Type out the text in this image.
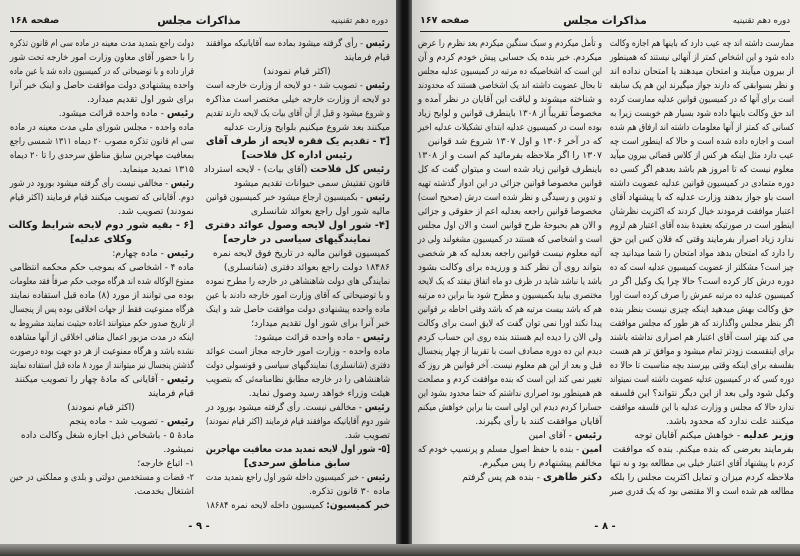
دوره دهم تقنینیه
مذاکرات مجلس
صفحه ۱۶۸
رئیس - رأی گرفته میشود بماده سه آقایانیکه موافقند
قیام فرمایند
(اکثر قیام نمودند)
رئیس - تصویب شد - دو لایحه از وزارت خارجه است
دو لایحه از وزارت خارجه خیلی مختصر است مذاکره
و شروع میشود و قبل از آن آقای بیات یک لایحه دارند تقدیم
میکنند بعد شروع میکنیم بلوایح وزارت عدلیه
[۳ - تقدیم یک فقره لایحه از طرف آقای
رئیس اداره کل فلاحت]
رئیس کل فلاحت (آقای بیات) - لایحه استرداد
قانون تفتیش سمی حیوانات تقدیم میشود
رئیس - بکمیسیون ارجاع میشود خبر کمیسیون قوانین
مالیه شور اول راجع بعوائد شانسلری
[۴- شور اول لایحه وصول عوائد دفتری
نمایندگیهای سیاسی در خارجه]
کمیسیون قوانین مالیه در تاریخ فوق لایحه نمره
۱۸۴۸۶ دولت راجع بعوائد دفتری (شانسلری)
نمایندگی های دولت شاهنشاهی در خارجه را مطرح نموده
و با توضیحاتی که آقای وزارت امور خارجه دادند با عین
ماده واحده پیشنهادی دولت موافقت حاصل شد و اینک
خبر آنرا برای شور اول تقدیم میدارد؛
رئیس - ماده واحده قرائت میشود:
ماده واحده - وزارت امور خارجه مجاز است عوائد
دفتری (شانسلری) نمایندگیهای سیاسی و قونسولی دولت
شاهنشاهی را در خارجه مطابق نظامنامه‌ئی که بتصویب
هیئت وزراء خواهد رسید وصول نماید.
رئیس - مخالفی نیست. رأی گرفته میشود بورود در
شور دوم آقایانیکه موافقند قیام فرمایند (اکثر قیام نمودند)
تصویب شد.
[۵- شور اول لایحه تمدید مدت معافیت مهاجرین
سابق مناطق سرحدی]
رئیس - خبر کمیسیون داخله شور اول راجع بتمدید مدت
ماده ۳۰ قانون تذکره.
خبر کمیسیون: کمیسیون داخله لایحه نمره ۱۸۶۸۴
دولت راجع بتمدید مدت معینه در ماده سی ام قانون تذکره
را با حضور آقای معاون وزارت امور خارجه تحت شور
قرار داده و با توضیحاتی که در کمیسیون داده شد با عین ماده
واحده پیشنهادی دولت موافقت حاصل و اینک خبر آنرا
برای شور اول تقدیم میدارد.
رئیس - ماده واحده قرائت میشود.
ماده واحده - مجلس شورای ملی مدت معینه در ماده
سی ام قانون تذکره مصوب ۲۰ دیماه ۱۳۱۱ شمسی راجع
بمعافیت مهاجرین سابق مناطق سرحدی را تا ۲۰ دیماه
۱۳۱۵ تمدید مینماید.
رئیس - مخالفی نیست رأی گرفته میشود بورود در شور
دوم. آقایانی که تصویب میکنند قیام فرمایند (اکثر قیام
نمودند) تصویب شد.
[۶ - بقیه شور دوم لایحه شرایط وکالت
وکلای عدلیه]
رئیس - ماده چهارم:
ماده ۴ - اشخاصی که بموجب حکم محکمه انتظامی
ممنوع الوکاله شده اند هرگاه موجب حکم صرفاً فقد معلومات
بوده می توانند از مورد (۸) ماده قبل استفاده نمایند
هرگاه ممنوعیت فقط از جهات اخلاقی بوده پس از پنجسال
از تاریخ صدور حکم میتوانند اعاده حیثیت نمایند مشروط به
اینکه در مدت مزبور اعمال منافی اخلاقی از آنها مشاهده
نشده باشد و هرگاه ممنوعیت از هر دو جهت بوده درصورت
گذشتن پنجسال نیز میتوانند از مورد ۸ ماده قبل استفاده نمایند
رئیس - آقایانی که مادهٔ چهار را تصویب میکنند
قیام فرمایند
(اکثر قیام نمودند)
رئیس - تصویب شد - ماده پنجم
مادهٔ ۵ - باشخاص ذیل اجازه شغل وکالت داده
نمیشود.
۱- اتباع خارجه؛
۲- قضات و مستخدمین دولتی و بلدی و مملکتی در حین
اشتغال بخدمت.
- ۹ -
دوره دهم تقنینیه
مذاکرات مجلس
صفحه ۱۶۷
ممارست داشته اند چه عیب دارد که باینها هم اجازه وکالت
داده شود و این اشخاص کمتر از آنهائی نیستند که همینطور
از بیرون میآیند و امتحان میدهند یا امتحان نداده اند
و نظر بسوابقی که دارند جواز میگیرند این هم یک سابقه
است برای آنها که در کمیسیون قوانین عدلیه ممارست کرده
اند حق وکالت باینها داده شود بسیار هم خوبست زیرا به
کسانی که کمتر از آنها معلومات داشته اند ارفاق هم شده
است و اجازه داده شده است و حالا که اینطور است چه
عیب دارد مثل اینکه هر کس از کلاس قضائی بیرون میآید
معلوم نیست که تا امروز هم باشد بعدهم اگر کسی ده
دوره متمادی در کمیسیون قوانین عدلیه عضویت داشته
است باو جواز بدهند وزارت عدلیه که با پیشنهاد آقای
اعتبار موافقت فرمودند خیال کردند که اکثریت نظرشان
اینطور است در صورتیکه بعقیدهٔ بنده آقای اعتبار هم لزوم
ندارد زیاد اصرار بفرمایند وقتی که فلان کس این حق
را دارد که امتحان بدهد مواد امتحان را شما میدانید چه
چیز است؟ مشکلتر از عضویت کمیسیون عدلیه است که ده
دوره درش کار کرده است؟ حالا چرا یک وکیل اگر در
کمیسیون عدلیه ده مرتبه عمرش را صرف کرده است اورا
حق وکالت بهش میدهید اینکه چیزی نیست بنظر بنده
اگر بنظر مجلس واگذارند که هر طور که مجلس موافقت
می کند بهتر است آقای اعتبار هم اصراری نداشته باشند
برای اینقسمت زودتر تمام میشود و موافق تر هم هست
بفلسفه برای اینکه وقتی بپرسند بچه مناسبت تا حالا ده
دوره کسی که در کمیسیون عدلیه عضویت داشته است نمیتواند
وکیل شود ولی بعد از این دیگر نتواند؟ این فلسفه
ندارد حالا که مجلس و وزارت عدلیه با این فلسفه موافقت
میکنند علت ندارد که محدود باشد.
وزیر عدلیه - خواهش میکنم آقایان توجه
بفرمایند بعرضی که بنده میکنم. بنده که موافقت
کردم با پیشنهاد آقای اعتبار خیلی بی مطالعه بود و نه تنها
ملاحظه کردم میزان و تمایل اکثریت مجلس را بلکه
مطالعه هم شده است و الا مقتضی بود که یک قدری صبر
و تأمل میکردم و سبک سنگین میکردم بعد نظرم را عرض
میکردم. خیر بنده یک حسابی پیش خودم کردم و آن
این است که اشخاصیکه ده مرتبه در کمیسیون عدلیه مجلس
تا بحال عضویت داشته اند یک اشخاصی هستند که محدودند
و شناخته میشوند و لیاقت این آقایان در نظر آمده و
مخصوصاً تقریباً از ۱۳۰۸ باینطرف قوانین و لوایح زیاد
بوده است در کمیسیون عدلیه ابتدای تشکیلات عدلیه اخیر
که در آخر ۱۳۰۶ و اول ۱۳۰۷ شروع شد قوانین
۱۳۰۷ را اگر ملاحظه بفرمائید کم است و از ۱۳۰۸
باینطرف قوانین زیاد شده است و میتوان گفت که کل
قوانین مخصوصا قوانین جزائی در این ادوار گذشته تهیه
و تدوین و رسیدگی و نظر شده است درش (صحیح است)
مخصوصا قوانین راجعه بعدلیه اعم از حقوقی و جزائی
و الان هم بحبوحهٔ طرح قوانین است و الان اول مجلس
است و اشخاصی که هستند در کمیسیون مشغولند ولی در
آتیه معلوم نیست قوانین راجعه بعدلیه که هر شخصی
بتواند روی آن نظر کند و ورزیده برای وکالت بشود
باشد یا نباشد شاید در ظرف دو ماه اتفاق نیفتد که یک لایحه
مختصری بیاید بکمیسیون و مطرح شود بنا براین ده مرتبه
هم که باشد بیست مرتبه هم که باشد وقتی احاطه بر قوانین
پیدا نکند اورا نمی توان گفت که لایق است برای وکالت
ولی الان را دیده ایم هستند بنده روی این حساب کردم
دیدم این ده دوره مصادف است با تقریبا از چهار پنجسال
قبل و بعد از این هم معلوم نیست. آخر قوانین هر روز که
تغییر نمی کند این است که بنده موافقت کردم و مصلحت
هم همینطور بود اصراری نداشتم که حتما محدود بشود این
حسابرا کردم دیدم این اولی است بنا براین خواهش میکنم
آقایان موافقت کنند با رأی بگیرند.
رئیس - آقای امین
امین - بنده با حفظ اصول مسلم و پرنسیپ خودم که
مخالفم پیشنهادم را پس میگیرم.
دکتر طاهری - بنده هم پس گرفتم
- ۸ -
